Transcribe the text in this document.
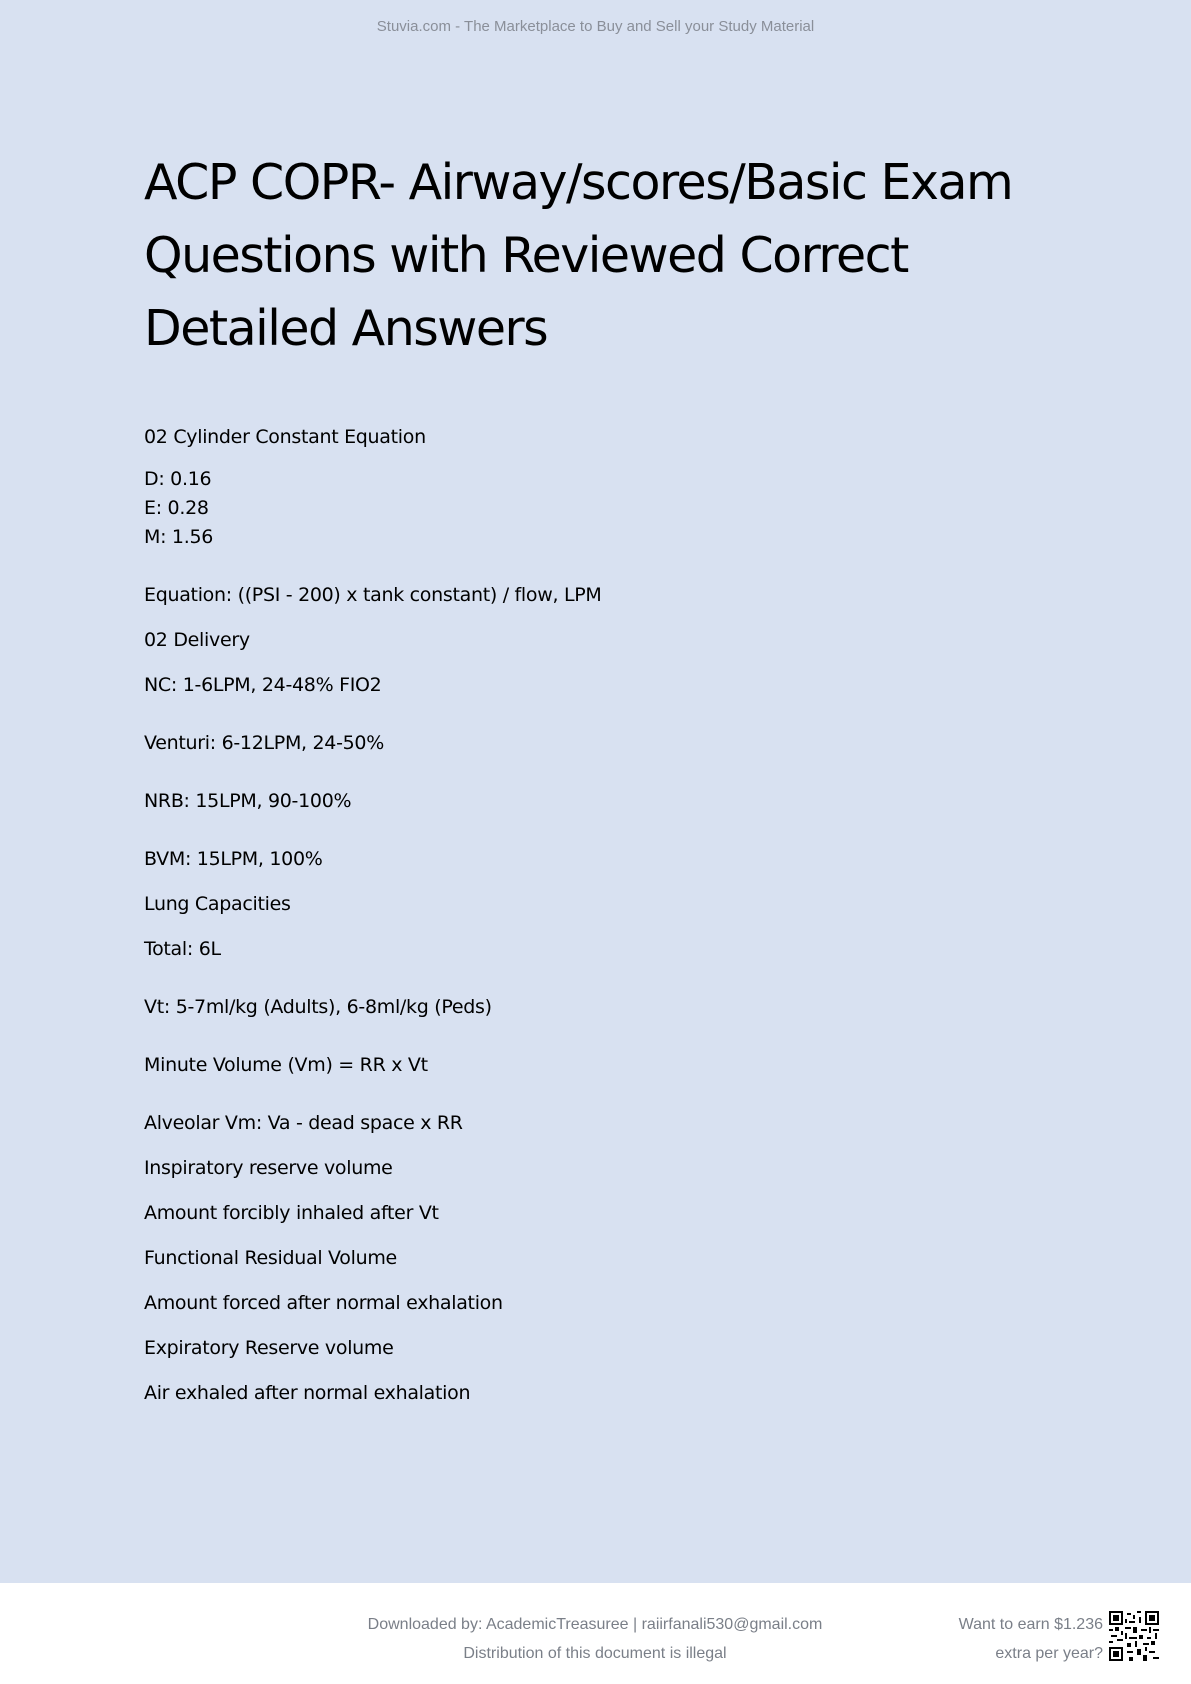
Stuvia.com - The Marketplace to Buy and Sell your Study Material
ACP COPR- Airway/scores/Basic Exam Questions with Reviewed Correct Detailed Answers
02 Cylinder Constant Equation
D: 0.16
E: 0.28
M: 1.56
Equation: ((PSI - 200) x tank constant) / flow, LPM
02 Delivery
NC: 1-6LPM, 24-48% FIO2
Venturi: 6-12LPM, 24-50%
NRB: 15LPM, 90-100%
BVM: 15LPM, 100%
Lung Capacities
Total: 6L
Vt: 5-7ml/kg (Adults), 6-8ml/kg (Peds)
Minute Volume (Vm) = RR x Vt
Alveolar Vm: Va - dead space x RR
Inspiratory reserve volume
Amount forcibly inhaled after Vt
Functional Residual Volume
Amount forced after normal exhalation
Expiratory Reserve volume
Air exhaled after normal exhalation
Downloaded by: AcademicTreasuree | raiirfanali530@gmail.com
Distribution of this document is illegal
Want to earn $1.236
extra per year?
